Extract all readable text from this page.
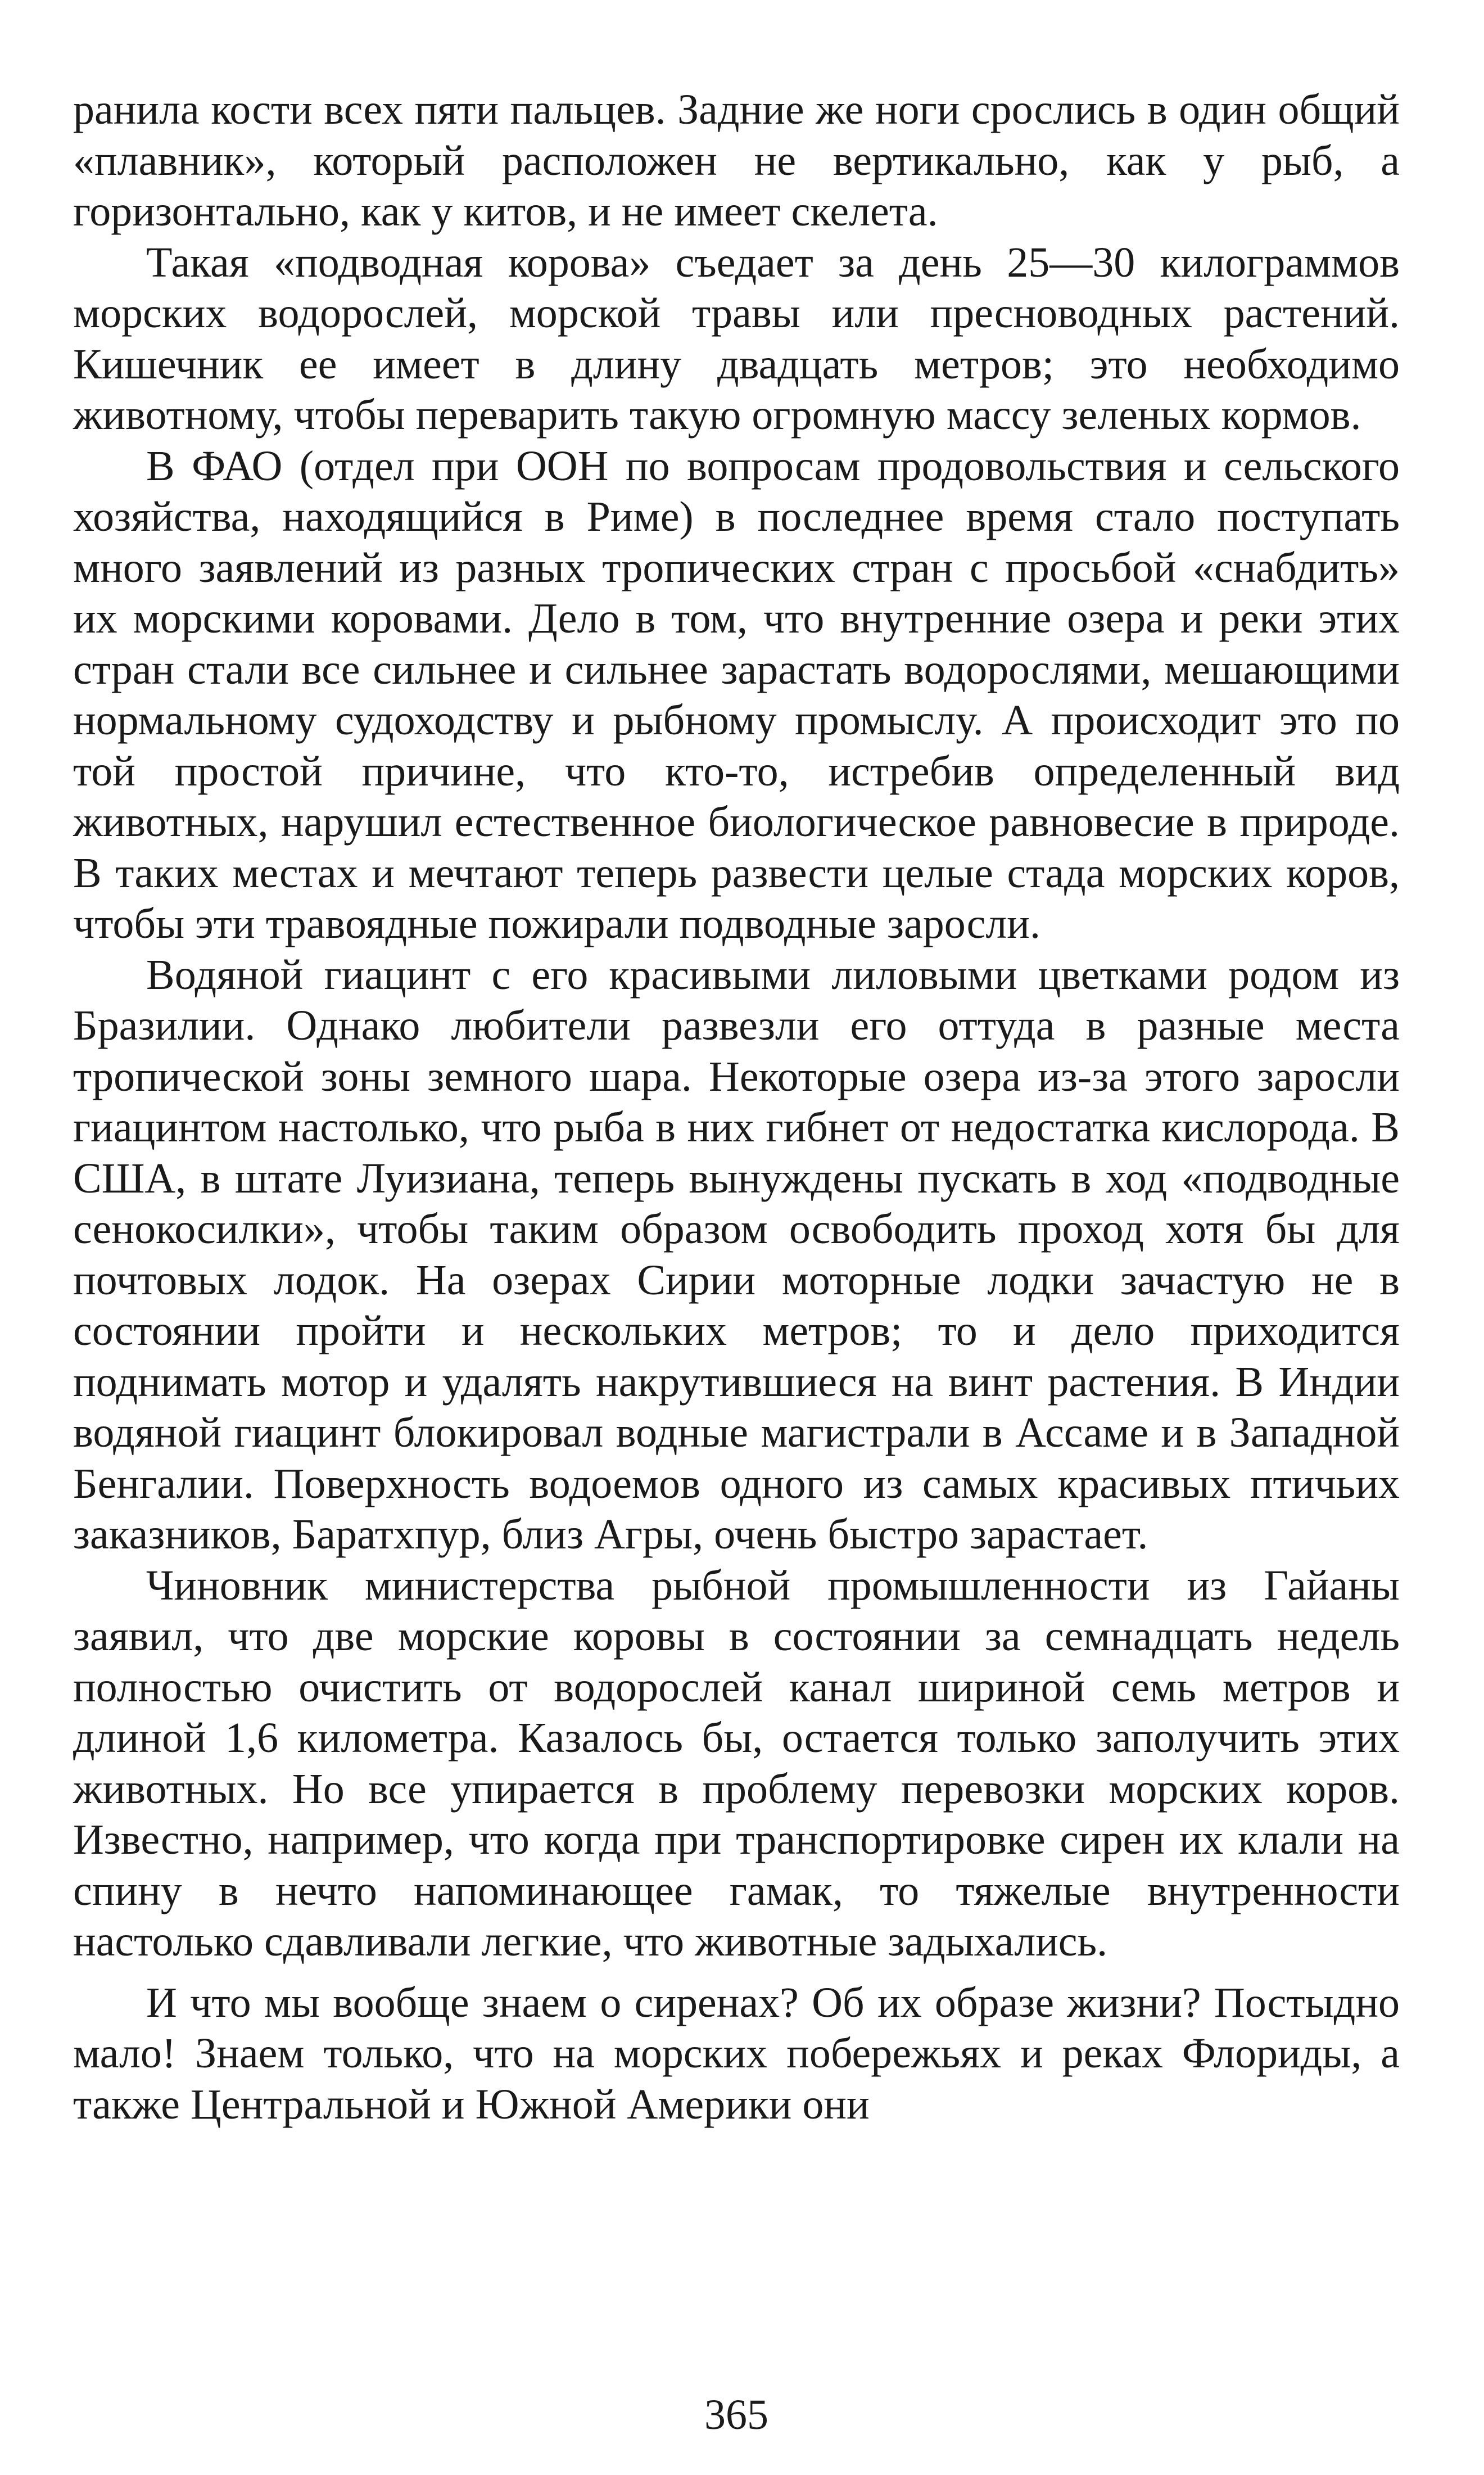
ранила кости всех пяти пальцев. Задние же ноги срослись в один общий «плавник», который расположен не вертикально, как у рыб, а горизонтально, как у китов, и не имеет скелета.

Такая «подводная корова» съедает за день 25—30 килограммов морских водорослей, морской травы или пресноводных растений. Кишечник ее имеет в длину двадцать метров; это необходимо животному, чтобы переварить такую огромную массу зеленых кормов.

В ФАО (отдел при ООН по вопросам продовольствия и сельского хозяйства, находящийся в Риме) в последнее время стало поступать много заявлений из разных тропических стран с просьбой «снабдить» их морскими коровами. Дело в том, что внутренние озера и реки этих стран стали все сильнее и сильнее зарастать водорослями, мешающими нормальному судоходству и рыбному промыслу. А происходит это по той простой причине, что кто-то, истребив определенный вид животных, нарушил естественное биологическое равновесие в природе. В таких местах и мечтают теперь развести целые стада морских коров, чтобы эти травоядные пожирали подводные заросли.

Водяной гиацинт с его красивыми лиловыми цветками родом из Бразилии. Однако любители развезли его оттуда в разные места тропической зоны земного шара. Некоторые озера из-за этого заросли гиацинтом настолько, что рыба в них гибнет от недостатка кислорода. В США, в штате Луизиана, теперь вынуждены пускать в ход «подводные сенокосилки», чтобы таким образом освободить проход хотя бы для почтовых лодок. На озерах Сирии моторные лодки зачастую не в состоянии пройти и нескольких метров; то и дело приходится поднимать мотор и удалять накрутившиеся на винт растения. В Индии водяной гиацинт блокировал водные магистрали в Ассаме и в Западной Бенгалии. Поверхность водоемов одного из самых красивых птичьих заказников, Баратхпур, близ Агры, очень быстро зарастает.

Чиновник министерства рыбной промышленности из Гайаны заявил, что две морские коровы в состоянии за семнадцать недель полностью очистить от водорослей канал шириной семь метров и длиной 1,6 километра. Казалось бы, остается только заполучить этих животных. Но все упирается в проблему перевозки морских коров. Известно, например, что когда при транспортировке сирен их клали на спину в нечто напоминающее гамак, то тяжелые внутренности настолько сдавливали легкие, что животные задыхались.

И что мы вообще знаем о сиренах? Об их образе жизни? Постыдно мало! Знаем только, что на морских побережьях и реках Флориды, а также Центральной и Южной Америки они

365
